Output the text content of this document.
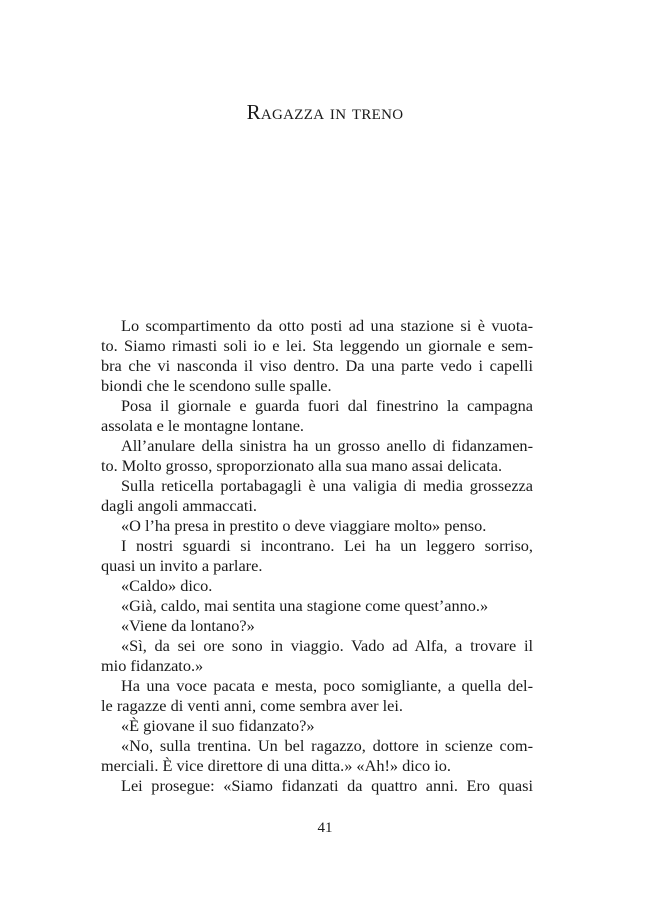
Ragazza in treno
Lo scompartimento da otto posti ad una stazione si è vuota-
to. Siamo rimasti soli io e lei. Sta leggendo un giornale e sem-
bra che vi nasconda il viso dentro. Da una parte vedo i capelli
biondi che le scendono sulle spalle.
Posa il giornale e guarda fuori dal finestrino la campagna
assolata e le montagne lontane.
All’anulare della sinistra ha un grosso anello di fidanzamen-
to. Molto grosso, sproporzionato alla sua mano assai delicata.
Sulla reticella portabagagli è una valigia di media grossezza
dagli angoli ammaccati.
«O l’ha presa in prestito o deve viaggiare molto» penso.
I nostri sguardi si incontrano. Lei ha un leggero sorriso,
quasi un invito a parlare.
«Caldo» dico.
«Già, caldo, mai sentita una stagione come quest’anno.»
«Viene da lontano?»
«Sì, da sei ore sono in viaggio. Vado ad Alfa, a trovare il
mio fidanzato.»
Ha una voce pacata e mesta, poco somigliante, a quella del-
le ragazze di venti anni, come sembra aver lei.
«È giovane il suo fidanzato?»
«No, sulla trentina. Un bel ragazzo, dottore in scienze com-
merciali. È vice direttore di una ditta.» «Ah!» dico io.
Lei prosegue: «Siamo fidanzati da quattro anni. Ero quasi
41
